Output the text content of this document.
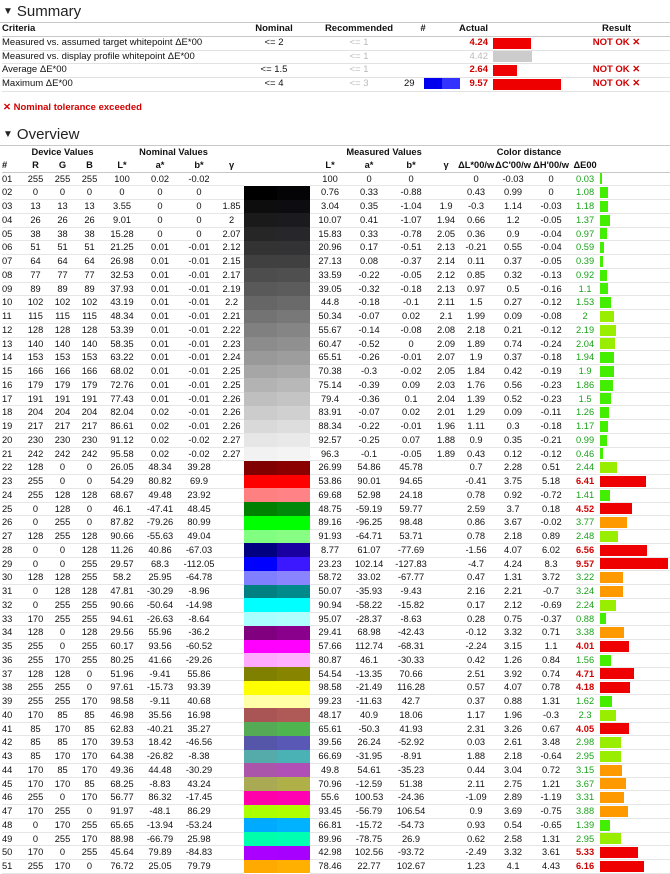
▼ Summary
Criteria	Nominal	Recommended	#	Actual			Result
Measured vs. assumed target whitepoint ΔE*00	<= 2	<= 1		4.24			NOT OK ✕
Measured vs. display profile whitepoint ΔE*00		<= 1		4.42		

Average ΔE*00	<= 1.5	<= 1		2.64			NOT OK ✕
Maximum ΔE*00	<= 4	<= 3	29	9.57			NOT OK ✕
✕ Nominal tolerance exceeded
▼ Overview
	Device Values			Nominal Values					Measured Values				Color distance				
#	R	G	B	L*	a*	b*	γ		L*	a*	b*	γ	ΔL*00/w	ΔC'00/w	ΔH'00/w	ΔE00	
01	255	255	255	100	0.02	-0.02			100	0	0		0	-0.03	0	0.03	

02	0	0	0	0	0	0			0.76	0.33	-0.88		0.43	0.99	0	1.08	

03	13	13	13	3.55	0	0	1.85		3.04	0.35	-1.04	1.9	-0.3	1.14	-0.03	1.18	

04	26	26	26	9.01	0	0	2		10.07	0.41	-1.07	1.94	0.66	1.2	-0.05	1.37	

05	38	38	38	15.28	0	0	2.07		15.83	0.33	-0.78	2.05	0.36	0.9	-0.04	0.97	

06	51	51	51	21.25	0.01	-0.01	2.12		20.96	0.17	-0.51	2.13	-0.21	0.55	-0.04	0.59	

07	64	64	64	26.98	0.01	-0.01	2.15		27.13	0.08	-0.37	2.14	0.11	0.37	-0.05	0.39	

08	77	77	77	32.53	0.01	-0.01	2.17		33.59	-0.22	-0.05	2.12	0.85	0.32	-0.13	0.92	

09	89	89	89	37.93	0.01	-0.01	2.19		39.05	-0.32	-0.18	2.13	0.97	0.5	-0.16	1.1	

10	102	102	102	43.19	0.01	-0.01	2.2		44.8	-0.18	-0.1	2.11	1.5	0.27	-0.12	1.53	

11	115	115	115	48.34	0.01	-0.01	2.21		50.34	-0.07	0.02	2.1	1.99	0.09	-0.08	2	

12	128	128	128	53.39	0.01	-0.01	2.22		55.67	-0.14	-0.08	2.08	2.18	0.21	-0.12	2.19	

13	140	140	140	58.35	0.01	-0.01	2.23		60.47	-0.52	0	2.09	1.89	0.74	-0.24	2.04	

14	153	153	153	63.22	0.01	-0.01	2.24		65.51	-0.26	-0.01	2.07	1.9	0.37	-0.18	1.94	

15	166	166	166	68.02	0.01	-0.01	2.25		70.38	-0.3	-0.02	2.05	1.84	0.42	-0.19	1.9	

16	179	179	179	72.76	0.01	-0.01	2.25		75.14	-0.39	0.09	2.03	1.76	0.56	-0.23	1.86	

17	191	191	191	77.43	0.01	-0.01	2.26		79.4	-0.36	0.1	2.04	1.39	0.52	-0.23	1.5	

18	204	204	204	82.04	0.02	-0.01	2.26		83.91	-0.07	0.02	2.01	1.29	0.09	-0.11	1.26	

19	217	217	217	86.61	0.02	-0.01	2.26		88.34	-0.22	-0.01	1.96	1.11	0.3	-0.18	1.17	

20	230	230	230	91.12	0.02	-0.02	2.27		92.57	-0.25	0.07	1.88	0.9	0.35	-0.21	0.99	

21	242	242	242	95.58	0.02	-0.02	2.27		96.3	-0.1	-0.05	1.89	0.43	0.12	-0.12	0.46	

22	128	0	0	26.05	48.34	39.28			26.99	54.86	45.78		0.7	2.28	0.51	2.44	

23	255	0	0	54.29	80.82	69.9			53.86	90.01	94.65		-0.41	3.75	5.18	6.41	

24	255	128	128	68.67	49.48	23.92			69.68	52.98	24.18		0.78	0.92	-0.72	1.41	

25	0	128	0	46.1	-47.41	48.45			48.75	-59.19	59.77		2.59	3.7	0.18	4.52	

26	0	255	0	87.82	-79.26	80.99			89.16	-96.25	98.48		0.86	3.67	-0.02	3.77	

27	128	255	128	90.66	-55.63	49.04			91.93	-64.71	53.71		0.78	2.18	0.89	2.48	

28	0	0	128	11.26	40.86	-67.03			8.77	61.07	-77.69		-1.56	4.07	6.02	6.56	

29	0	0	255	29.57	68.3	-112.05			23.23	102.14	-127.83		-4.7	4.24	8.3	9.57	

30	128	128	255	58.2	25.95	-64.78			58.72	33.02	-67.77		0.47	1.31	3.72	3.22	

31	0	128	128	47.81	-30.29	-8.96			50.07	-35.93	-9.43		2.16	2.21	-0.7	3.24	

32	0	255	255	90.66	-50.64	-14.98			90.94	-58.22	-15.82		0.17	2.12	-0.69	2.24	

33	170	255	255	94.61	-26.63	-8.64			95.07	-28.37	-8.63		0.28	0.75	-0.37	0.88	

34	128	0	128	29.56	55.96	-36.2			29.41	68.98	-42.43		-0.12	3.32	0.71	3.38	

35	255	0	255	60.17	93.56	-60.52			57.66	112.74	-68.31		-2.24	3.15	1.1	4.01	

36	255	170	255	80.25	41.66	-29.26			80.87	46.1	-30.33		0.42	1.26	0.84	1.56	

37	128	128	0	51.96	-9.41	55.86			54.54	-13.35	70.66		2.51	3.92	0.74	4.71	

38	255	255	0	97.61	-15.73	93.39			98.58	-21.49	116.28		0.57	4.07	0.78	4.18	

39	255	255	170	98.58	-9.11	40.68			99.23	-11.63	42.7		0.37	0.88	1.31	1.62	

40	170	85	85	46.98	35.56	16.98			48.17	40.9	18.06		1.17	1.96	-0.3	2.3	

41	85	170	85	62.83	-40.21	35.27			65.61	-50.3	41.93		2.31	3.26	0.67	4.05	

42	85	85	170	39.53	18.42	-46.56			39.56	26.24	-52.92		0.03	2.61	3.48	2.98	

43	85	170	170	64.38	-26.82	-8.38			66.69	-31.95	-8.91		1.88	2.18	-0.64	2.95	

44	170	85	170	49.36	44.48	-30.29			49.8	54.61	-35.23		0.44	3.04	0.72	3.15	

45	170	170	85	68.25	-8.83	43.24			70.96	-12.59	51.38		2.11	2.75	1.21	3.67	

46	255	0	170	56.77	86.32	-17.45			55.6	100.53	-24.36		-1.09	2.89	-1.19	3.31	

47	170	255	0	91.97	-48.1	86.29			93.45	-56.79	106.54		0.9	3.69	-0.75	3.88	

48	0	170	255	65.65	-13.94	-53.24			66.81	-15.72	-54.73		0.93	0.54	-0.65	1.39	

49	0	255	170	88.98	-66.79	25.98			89.96	-78.75	26.9		0.62	2.58	1.31	2.95	

50	170	0	255	45.64	79.89	-84.83			42.98	102.56	-93.72		-2.49	3.32	3.61	5.33	

51	255	170	0	76.72	25.05	79.79			78.46	22.77	102.67		1.23	4.1	4.43	6.16	
